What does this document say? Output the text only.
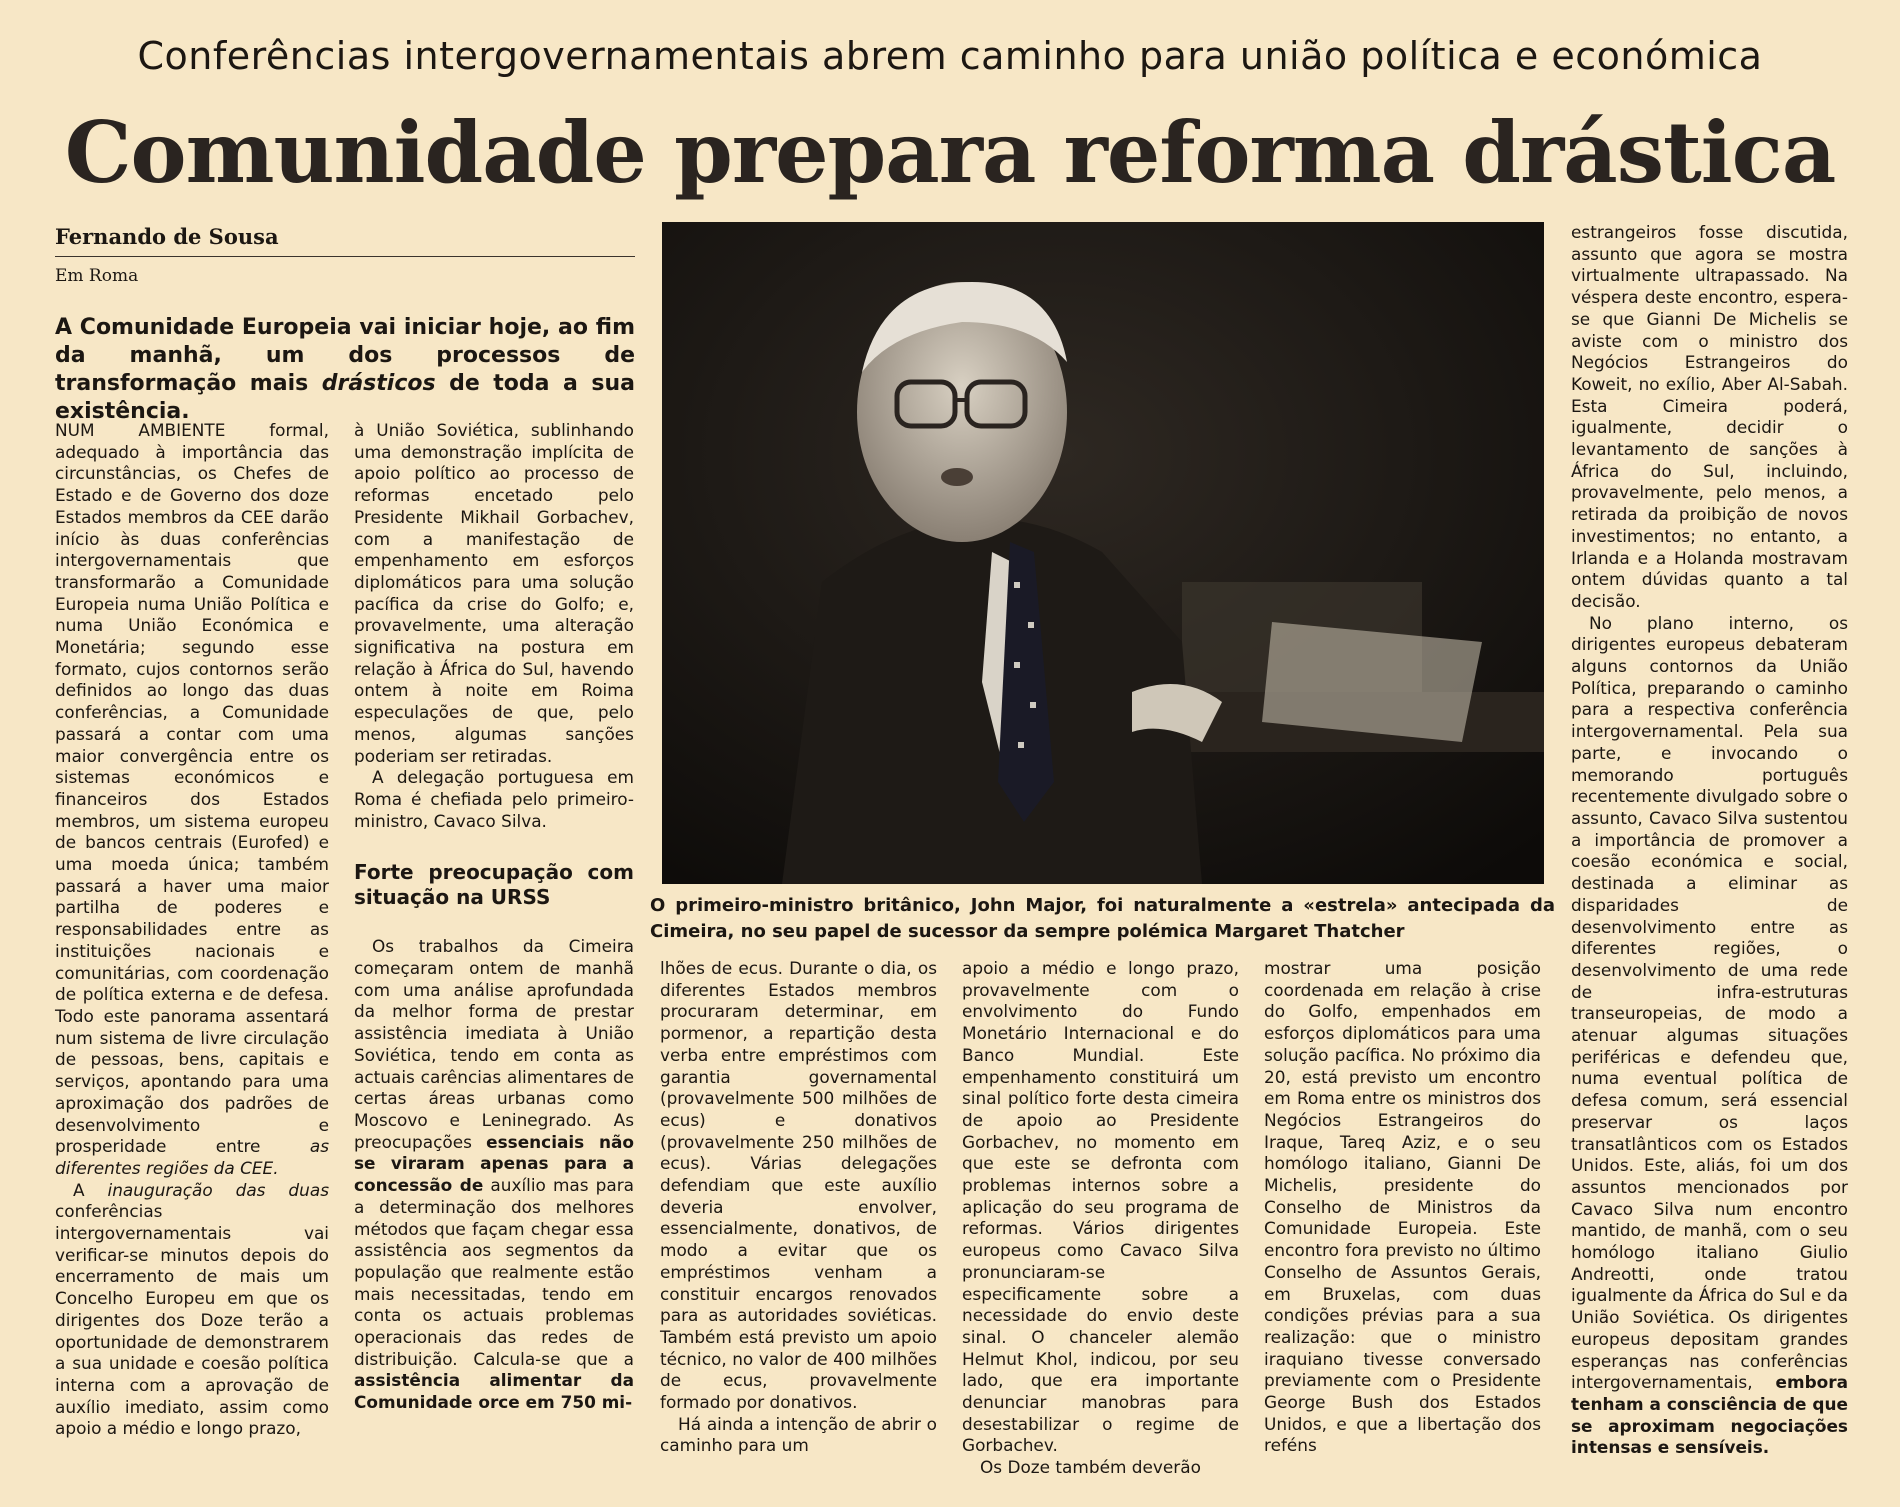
Conferências intergovernamentais abrem caminho para união política e económica
Comunidade prepara reforma drástica
Fernando de Sousa
Em Roma
A Comunidade Europeia vai iniciar hoje, ao fim da manhã, um dos processos de transformação mais drásticos de toda a sua existência.

NUM AMBIENTE formal, adequado à importância das circunstâncias, os Chefes de Estado e de Governo dos doze Estados membros da CEE darão início às duas conferências intergovernamentais que transformarão a Comunidade Europeia numa União Política e numa União Económica e Monetária; segundo esse formato, cujos contornos serão definidos ao longo das duas conferências, a Comunidade passará a contar com uma maior convergência entre os sistemas económicos e financeiros dos Estados membros, um sistema europeu de bancos centrais (Eurofed) e uma moeda única; também passará a haver uma maior partilha de poderes e responsabilidades entre as instituições nacionais e comunitárias, com coordenação de política externa e de defesa. Todo este panorama assentará num sistema de livre circulação de pessoas, bens, capitais e serviços, apontando para uma aproximação dos padrões de desenvolvimento e prosperidade entre	as diferentes regiões da CEE.

A inauguração das duas conferências intergovernamentais vai verificar-se minutos depois do encerramento de mais um Concelho Europeu em que os dirigentes dos Doze terão a oportunidade de demonstrarem a sua unidade e coesão política interna com a aprovação de auxílio imediato, assim como apoio a médio e longo prazo,

à União Soviética, sublinhando uma demonstração implícita de apoio político ao processo de reformas encetado pelo Presidente Mikhail Gorbachev, com a manifestação de empenhamento em esforços diplomáticos para uma solução pacífica da crise do Golfo; e, provavelmente, uma alteração significativa na postura em relação à África do Sul, havendo ontem à noite em Roima especulações de que, pelo menos, algumas sanções poderiam ser retiradas.

A delegação portuguesa em Roma é chefiada pelo primeiro-ministro, Cavaco Silva.

Forte preocupação com situação na URSS

Os trabalhos da Cimeira começaram ontem de manhã com uma análise aprofundada da melhor forma de prestar assistência imediata à União Soviética, tendo em conta as actuais carências alimentares de certas áreas urbanas como Moscovo e Leninegrado. As preocupações essenciais não se viraram apenas para a concessão de auxílio mas para a determinação dos melhores métodos que façam chegar essa assistência aos segmentos da população que realmente estão mais necessitadas, tendo em conta os actuais problemas operacionais das redes de distribuição. Calcula-se que a assistência alimentar da Comunidade orce em 750 mi-

O primeiro-ministro britânico, John Major, foi naturalmente a «estrela» antecipada da Cimeira, no seu papel de sucessor da sempre polémica Margaret Thatcher

lhões de ecus. Durante o dia, os diferentes Estados membros procuraram determinar, em pormenor, a repartição desta verba entre empréstimos com garantia governamental (provavelmente 500 milhões de ecus) e donativos (provavelmente 250 milhões de ecus). Várias delegações defendiam que este auxílio deveria envolver, essencialmente, donativos, de modo a evitar que os empréstimos venham a constituir encargos renovados para as autoridades soviéticas. Também está previsto um apoio técnico, no valor de 400 milhões de ecus, provavelmente formado por donativos.

Há ainda a intenção de abrir o caminho para um

apoio a médio e longo prazo, provavelmente com o envolvimento do Fundo Monetário Internacional e do Banco Mundial. Este empenhamento constituirá um sinal político forte desta cimeira de apoio ao Presidente Gorbachev, no momento em que este se defronta com problemas internos sobre a aplicação do seu programa de reformas. Vários dirigentes europeus como Cavaco Silva pronunciaram-se especificamente sobre a necessidade do envio deste sinal. O chanceler alemão Helmut Khol, indicou, por seu lado, que era importante denunciar manobras para desestabilizar o regime de Gorbachev.

Os Doze também deverão

mostrar uma posição coordenada em relação à crise do Golfo, empenhados em esforços diplomáticos para uma solução pacífica. No próximo dia 20, está previsto um encontro em Roma entre os ministros dos Negócios Estrangeiros do Iraque, Tareq Aziz, e o seu homólogo italiano, Gianni De Michelis, presidente do Conselho de Ministros da Comunidade Europeia. Este encontro fora previsto no último Conselho de Assuntos Gerais, em Bruxelas, com duas condições prévias para a sua realização: que o ministro iraquiano tivesse conversado previamente com o Presidente George Bush dos Estados Unidos, e que a libertação dos reféns

estrangeiros fosse discutida, assunto que agora se mostra virtualmente ultrapassado. Na véspera deste encontro, espera-se que Gianni De Michelis se aviste com o ministro dos Negócios Estrangeiros do Koweit, no exílio, Aber Al-Sabah. Esta Cimeira poderá, igualmente, decidir o levantamento de sanções à África do Sul, incluindo, provavelmente, pelo menos, a retirada da proibição de novos investimentos; no entanto, a Irlanda e a Holanda mostravam ontem dúvidas quanto a tal decisão.

No plano interno, os dirigentes europeus debateram alguns contornos da União Política, preparando o caminho para a respectiva conferência intergovernamental. Pela sua parte, e invocando o memorando português recentemente divulgado sobre o assunto, Cavaco Silva sustentou a importância de promover a coesão económica e social, destinada a eliminar as disparidades de desenvolvimento entre as diferentes regiões, o desenvolvimento de uma rede de infra-estruturas transeuropeias, de modo a atenuar algumas situações periféricas e defendeu que, numa eventual política de defesa comum, será essencial preservar os laços transatlânticos com os Estados Unidos. Este, aliás, foi um dos assuntos mencionados por Cavaco Silva num encontro mantido, de manhã, com o seu homólogo italiano Giulio Andreotti, onde tratou igualmente da África do Sul e da União Soviética. Os dirigentes europeus depositam grandes esperanças nas conferências intergovernamentais, embora tenham a consciência de que se aproximam negociações intensas e sensíveis.
